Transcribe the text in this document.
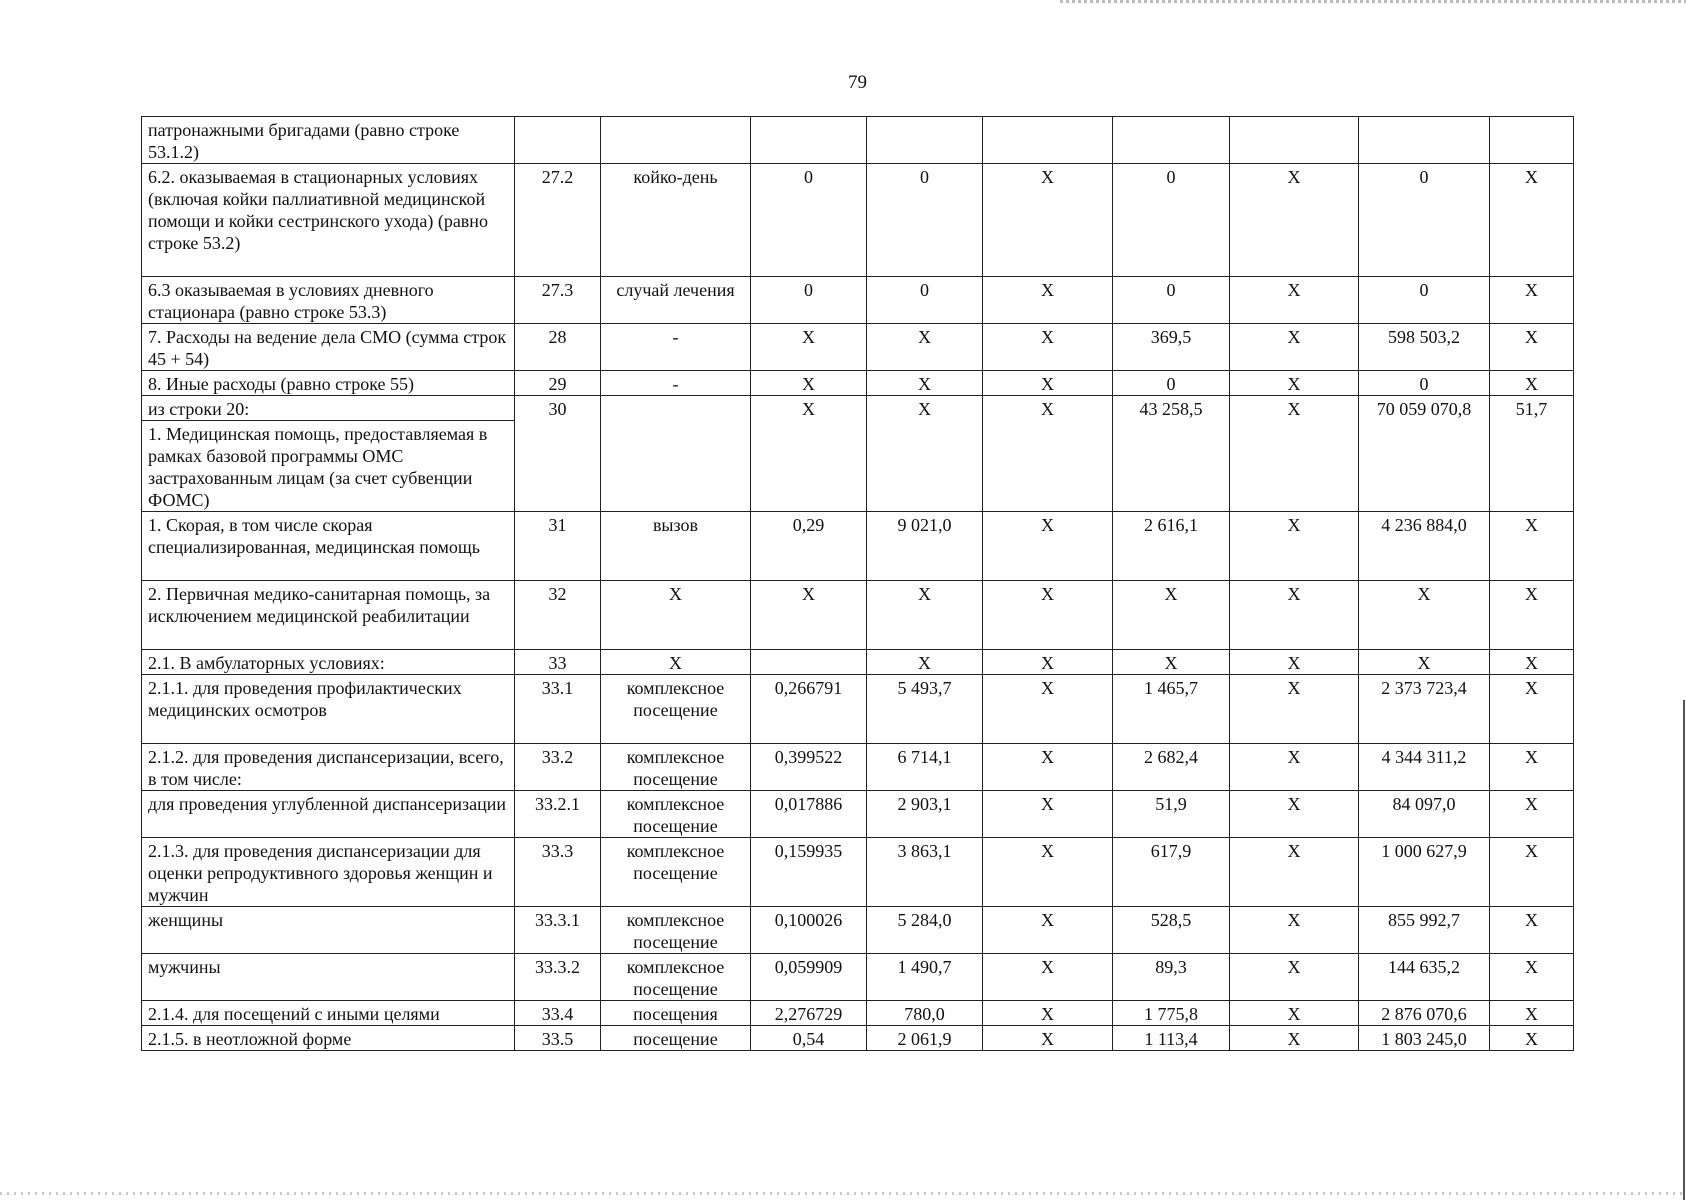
79
патронажными бригадами (равно строке 53.1.2)									
6.2. оказываемая в стационарных условиях (включая койки паллиативной медицинской помощи и койки сестринского ухода) (равно строке 53.2)	27.2	койко-день	0	0	Х	0	Х	0	Х
6.3 оказываемая в условиях дневного стационара (равно строке 53.3)	27.3	случай лечения	0	0	Х	0	Х	0	Х
7. Расходы на ведение дела СМО (сумма строк 45 + 54)	28	-	Х	Х	Х	369,5	Х	598 503,2	Х
8. Иные расходы (равно строке 55)	29	-	Х	Х	Х	0	Х	0	Х
из строки 20:	30		Х	Х	Х	43 258,5	Х	70 059 070,8	51,7
1. Медицинская помощь, предоставляемая в рамках базовой программы ОМС застрахованным лицам (за счет субвенции ФОМС)									
1. Скорая, в том числе скорая специализированная, медицинская помощь	31	вызов	0,29	9 021,0	Х	2 616,1	Х	4 236 884,0	Х
2. Первичная медико-санитарная помощь, за исключением медицинской реабилитации	32	Х	Х	Х	Х	Х	Х	Х	Х
2.1. В амбулаторных условиях:	33	Х		Х	Х	Х	Х	Х	Х
2.1.1. для проведения профилактических медицинских осмотров	33.1	комплексное посещение	0,266791	5 493,7	Х	1 465,7	Х	2 373 723,4	Х
2.1.2. для проведения диспансеризации, всего, в том числе:	33.2	комплексное посещение	0,399522	6 714,1	Х	2 682,4	Х	4 344 311,2	Х
для проведения углубленной диспансеризации	33.2.1	комплексное посещение	0,017886	2 903,1	Х	51,9	Х	84 097,0	Х
2.1.3. для проведения диспансеризации для оценки репродуктивного здоровья женщин и мужчин	33.3	комплексное посещение	0,159935	3 863,1	Х	617,9	Х	1 000 627,9	Х
женщины	33.3.1	комплексное посещение	0,100026	5 284,0	Х	528,5	Х	855 992,7	Х
мужчины	33.3.2	комплексное посещение	0,059909	1 490,7	Х	89,3	Х	144 635,2	Х
2.1.4. для посещений с иными целями	33.4	посещения	2,276729	780,0	Х	1 775,8	Х	2 876 070,6	Х
2.1.5. в неотложной форме	33.5	посещение	0,54	2 061,9	Х	1 113,4	Х	1 803 245,0	Х
